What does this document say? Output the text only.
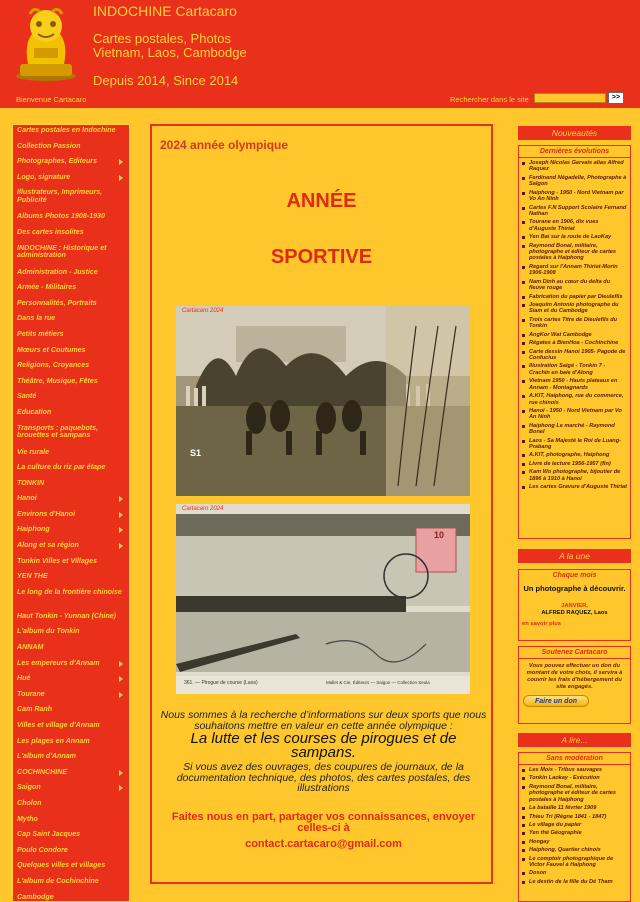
INDOCHINE Cartacaro
Cartes postales, Photos
Vietnam, Laos, Cambodge
Depuis 2014, Since 2014
Bienvenue Cartacaro	Rechercher dans le site	>>
Cartes postales en Indochine
Collection Passion
Photographes, Editeurs
Logo, signature
Illustrateurs, Imprimeurs, Publicité
Albums Photos 1908-1930
Des cartes insolites
INDOCHINE : Historique et administration
Administration - Justice
Armée - Militaires
Personnalités, Portraits
Dans la rue
Petits métiers
Mœurs et Coutumes
Religions, Croyances
Théâtre, Musique, Fêtes
Santé
Education
Transports : paquebots, brouettes et sampans
Vie rurale
La culture du riz par étape
TONKIN
Hanoi
Environs d'Hanoi
Haiphong
Along et sa région
Tonkin Villes et Villages
YEN THE
Le long de la frontière chinoise
Haut Tonkin - Yunnan (Chine)
L'album du Tonkin
ANNAM
Les empereurs d'Annam
Hué
Tourane
Cam Ranh
Villes et village d'Annam
Les plages en Annam
L'album d'Annam
COCHINCHINE
Saigon
Cholon
Mytho
Cap Saint Jacques
Poulo Condore
Quelques villes et villages
L'album de Cochinchine
Cambodge
2024 année olympique
ANNÉE
SPORTIVE
Cartacaro 2024
S1
Cartacaro 2024
10
361. — Pirogue de course (Laos)	Mallet & Cie, Éditeurs — Saigon — Collection Seula
Nous sommes à la recherche d’informations sur deux sports que nous souhaitons mettre en valeur en cette année olympique :
La lutte et les courses de pirogues et de sampans.
Si vous avez des ouvrages, des coupures de journaux, de la documentation technique, des photos, des cartes postales, des illustrations
Faites nous en part, partager vos connaissances, envoyer celles-ci à
contact.cartacaro@gmail.com
Nouveautés
Dernières évolutions
Joseph Nicolas Gervais alias Alfred Raquez
Ferdinand Négadelle, Photographe à Saïgon
Haiphong - 1950 - Nord Vietnam par Vo An Ninh
Cartes F.N Support Scolaire Fernand Nathan
Tourane en 1906, dix vues d'Auguste Thiriat
Yen Bai sur la route de LaoKay
Raymond Bonal, militaire, photographe et éditeur de cartes postales à Haiphong
Regard sur l'Annam Thiriat-Morin 1906-1908
Nam Dinh au cœur du delta du fleuve rouge
Fabrication du papier par Dieulefils
Joaquim Antonio photographe du Siam et du Cambodge
Trois cartes Titre de Dieulefils du Tonkin
AngKor Wat Cambodge
Régates à BienHoa - Cochinchine
Carte dessin Hanoi 1905- Pagode de Confucius
Illustration Saigé - Tonkin 7 - Crachin en baie d'Along
Vietnam 1950 - Hauts plateaux en Annam - Montagnards
A.KIT, Haiphong, rue du commerce, rue chinois
Hanoi - 1950 - Nord Vietnam par Vo An Ninh
Haiphong Le marché - Raymond Bonel
Laos - Sa Majesté le Roi de Luang-Prabang
A.KIT, photographe, Haiphong
Livre de lecture 1956-1957 (fin)
Kam Wo photographe, bijoutier de 1896 à 1910 à Hanoi
Les cartes Gravure d'Auguste Thiriat
A la une
Chaque mois
Un photographe à découvrir.
JANVIER,
ALFRED RAQUEZ, Laos
en savoir plus
Soutenez Cartacaro
Vous pouvez effectuer un don du montant de votre choix, il servira à couvrir les frais d'hébergement du site engagés.
Faire un don
A lire...
Sans modération
Les Mois - Tribus sauvages
Tonkin Laokay - Exécution
Raymond Bonal, militaire, photographe et éditeur de cartes postales à Haiphong
La bataille 11 février 1909
Thieu Tri (Règne 1841 - 1847)
Le village du papier
Yen thé Géographie
Hongay
Haiphong, Quartier chinois
Le comptoir photographique de Victor Fauvel à Haiphong
Doson
Le destin de la fille du Dé Tham
